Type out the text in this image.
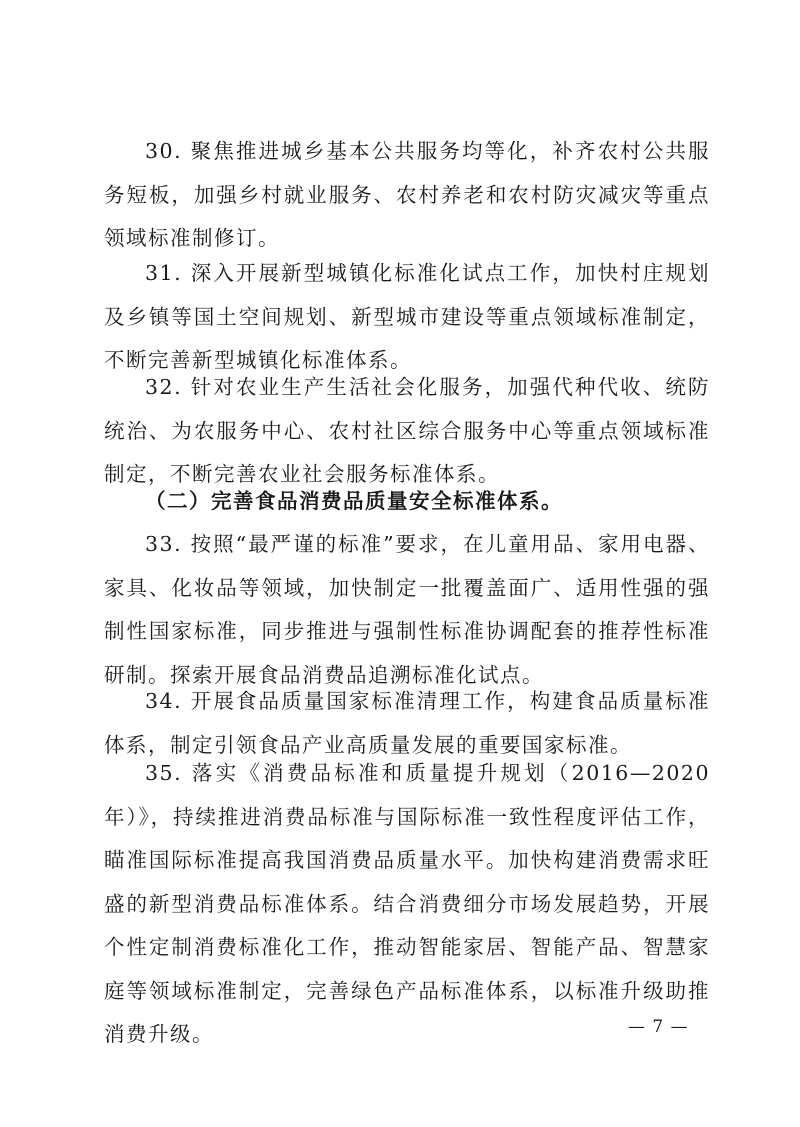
30. 聚焦推进城乡基本公共服务均等化，补齐农村公共服务短板，加强乡村就业服务、农村养老和农村防灾减灾等重点领域标准制修订。

31. 深入开展新型城镇化标准化试点工作，加快村庄规划及乡镇等国土空间规划、新型城市建设等重点领域标准制定，不断完善新型城镇化标准体系。

32. 针对农业生产生活社会化服务，加强代种代收、统防统治、为农服务中心、农村社区综合服务中心等重点领域标准制定，不断完善农业社会服务标准体系。

（二）完善食品消费品质量安全标准体系。

33. 按照“最严谨的标准”要求，在儿童用品、家用电器、家具、化妆品等领域，加快制定一批覆盖面广、适用性强的强制性国家标准，同步推进与强制性标准协调配套的推荐性标准研制。探索开展食品消费品追溯标准化试点。

34. 开展食品质量国家标准清理工作，构建食品质量标准体系，制定引领食品产业高质量发展的重要国家标准。

35. 落实《消费品标准和质量提升规划（2016—2020年）》，持续推进消费品标准与国际标准一致性程度评估工作，瞄准国际标准提高我国消费品质量水平。加快构建消费需求旺盛的新型消费品标准体系。结合消费细分市场发展趋势，开展个性定制消费标准化工作，推动智能家居、智能产品、智慧家庭等领域标准制定，完善绿色产品标准体系，以标准升级助推消费升级。	— 7 —
